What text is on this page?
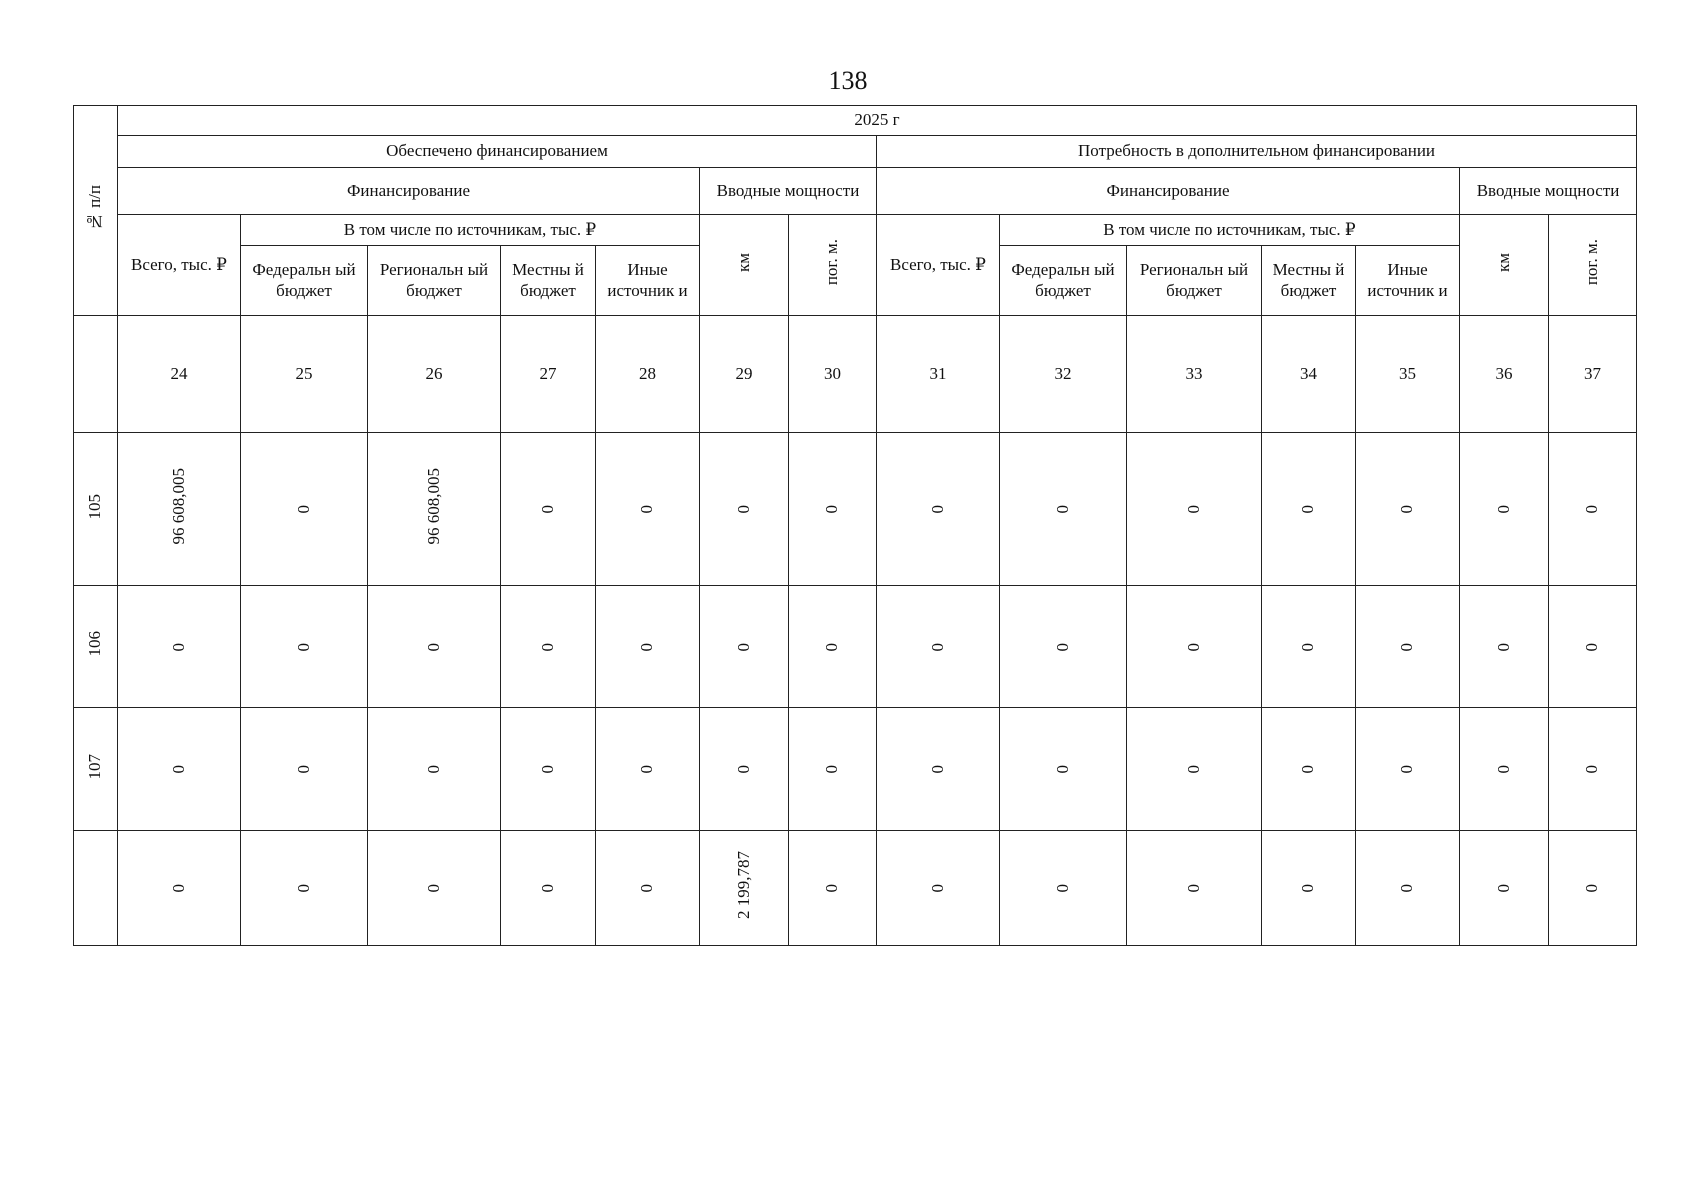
138
№ п/п	2025 г													
	Обеспечено финансированием							Потребность в дополнительном финансировании						
	Финансирование					Вводные мощности		Финансирование					Вводные мощности	
	Всего, тыс. ₽	В том числе по источникам, тыс. ₽				км	пог. м.	Всего, тыс. ₽	В том числе по источникам, тыс. ₽				км	пог. м.
		Федеральн ый бюджет	Региональн ый бюджет	Местны й бюджет	Иные источник и				Федеральн ый бюджет	Региональн ый бюджет	Местны й бюджет	Иные источник и		
	24	25	26	27	28	29	30	31	32	33	34	35	36	37
105	96 608,005	0	96 608,005	0	0	0	0	0	0	0	0	0	0	0
106	0	0	0	0	0	0	0	0	0	0	0	0	0	0
107	0	0	0	0	0	0	0	0	0	0	0	0	0	0
	0	0	0	0	0	2 199,787	0	0	0	0	0	0	0	0
